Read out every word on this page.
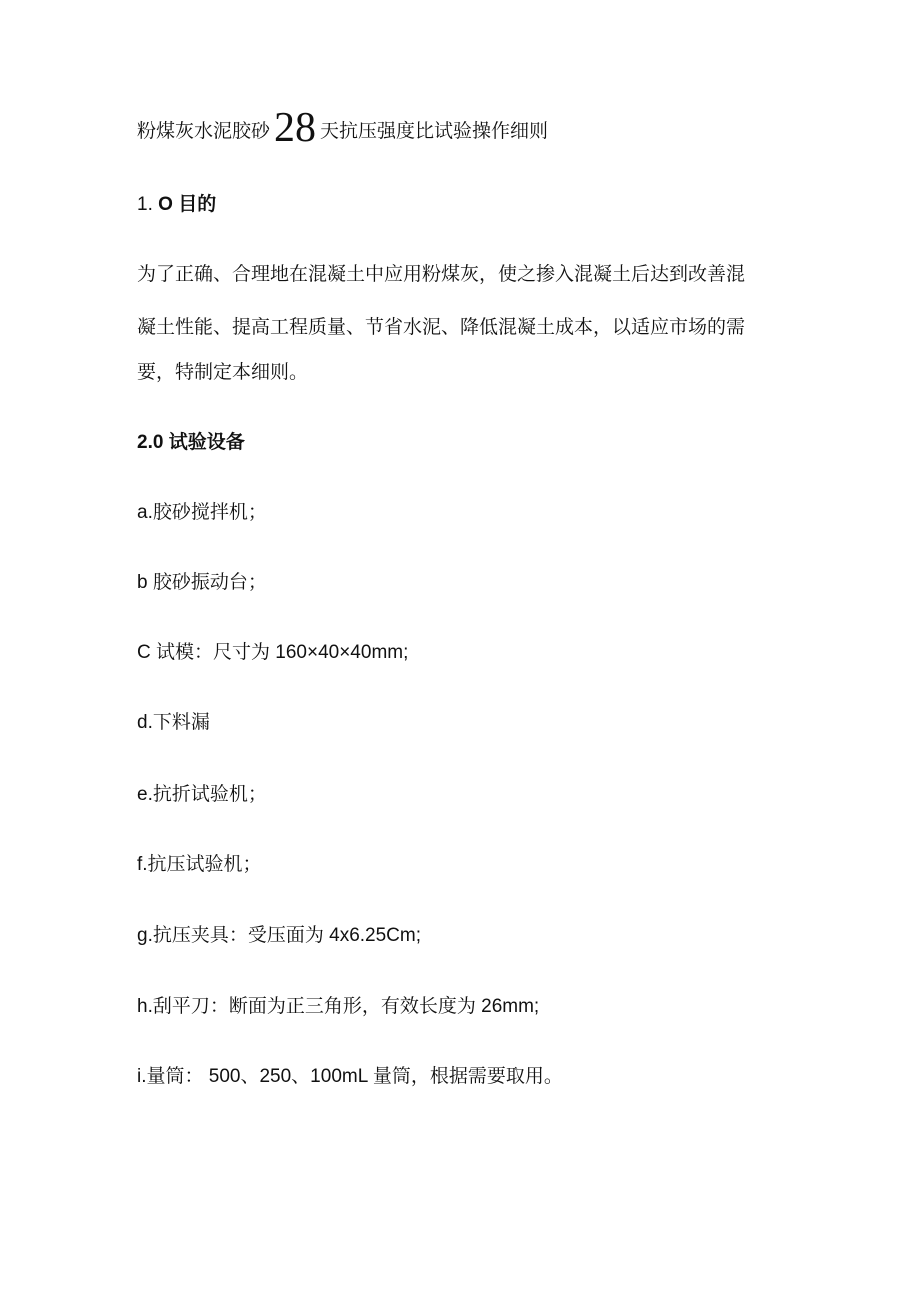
粉煤灰水泥胶砂28 天抗压强度比试验操作细则
1. O 目的
为了正确、合理地在混凝土中应用粉煤灰，使之掺入混凝土后达到改善混
凝土性能、提高工程质量、节省水泥、降低混凝土成本，以适应市场的需
要，特制定本细则。
2.0 试验设备
a.胶砂搅拌机；
b 胶砂振动台；
C 试模：尺寸为 160×40×40mm;
d.下料漏
e.抗折试验机；
f.抗压试验机；
g.抗压夹具：受压面为 4x6.25Cm;
h.刮平刀：断面为正三角形，有效长度为 26mm;
i.量筒： 500、250、100mL 量筒，根据需要取用。
